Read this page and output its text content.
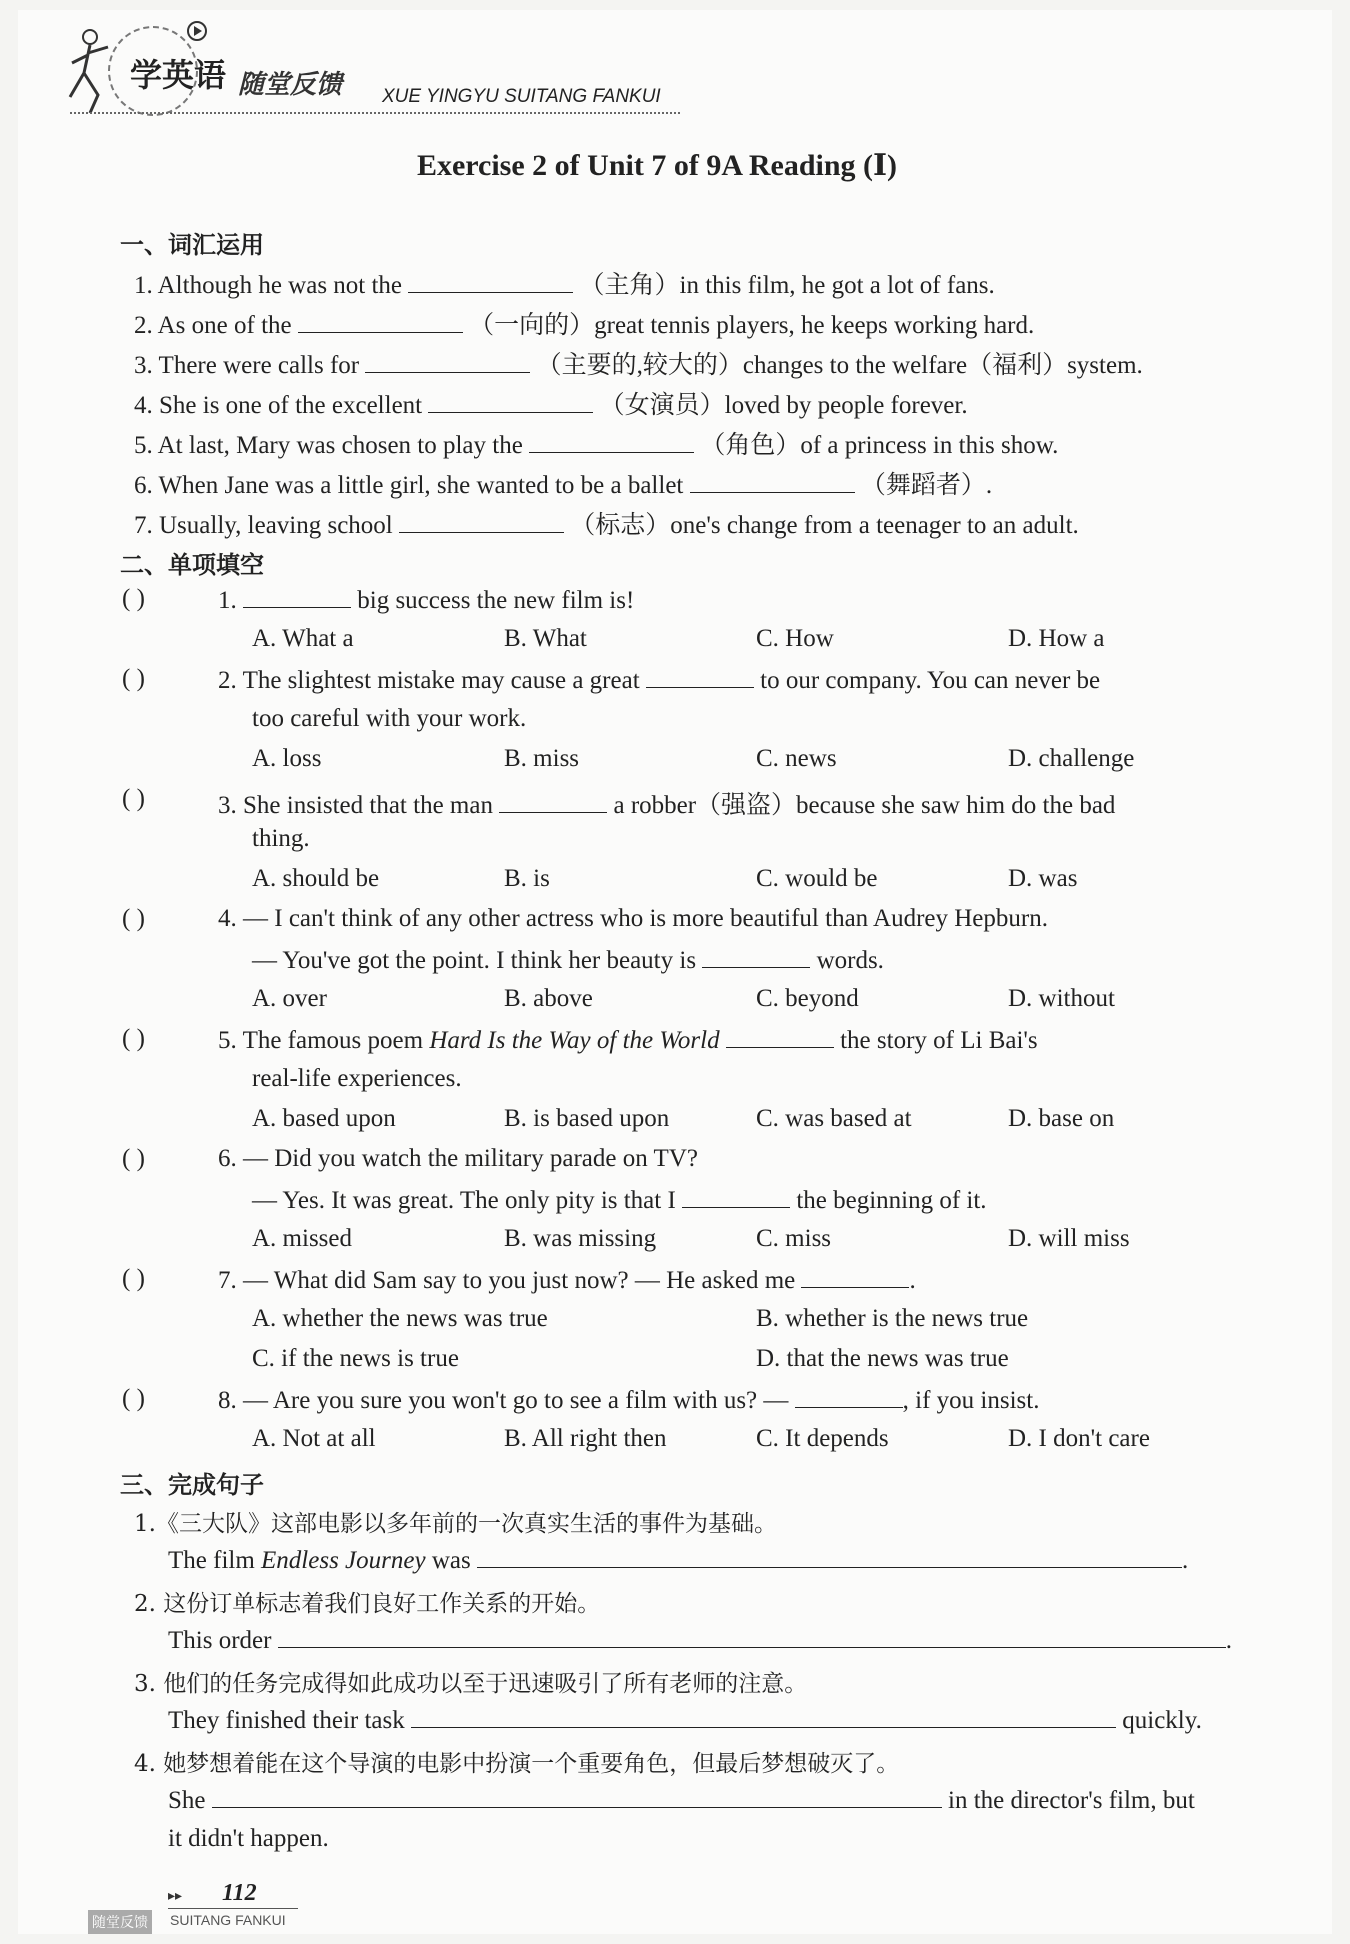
学英语 随堂反馈 XUE YINGYU SUITANG FANKUI
Exercise 2 of Unit 7 of 9A Reading (Ⅰ)
一、词汇运用
1. Although he was not the	（主角）in this film, he got a lot of fans.
2. As one of the	（一向的）great tennis players, he keeps working hard.
3. There were calls for	（主要的,较大的）changes to the welfare（福利）system.
4. She is one of the excellent	（女演员）loved by people forever.
5. At last, Mary was chosen to play the	（角色）of a princess in this show.
6. When Jane was a little girl, she wanted to be a ballet	（舞蹈者）.
7. Usually, leaving school	（标志）one's change from a teenager to an adult.
二、单项填空
( )	1.	big success the new film is!
A. What a	B. What	C. How	D. How a
( )	2. The slightest mistake may cause a great	to our company. You can never be
too careful with your work.
A. loss	B. miss	C. news	D. challenge
( )	3. She insisted that the man	a robber（强盗）because she saw him do the bad
thing.
A. should be	B. is	C. would be	D. was
( )	4. — I can't think of any other actress who is more beautiful than Audrey Hepburn.
— You've got the point. I think her beauty is	words.
A. over	B. above	C. beyond	D. without
( )	5. The famous poem Hard Is the Way of the World	the story of Li Bai's
real-life experiences.
A. based upon	B. is based upon	C. was based at	D. base on
( )	6. — Did you watch the military parade on TV?
— Yes. It was great. The only pity is that I	the beginning of it.
A. missed	B. was missing	C. miss	D. will miss
( )	7. — What did Sam say to you just now? — He asked me	.
A. whether the news was true	B. whether is the news true
C. if the news is true	D. that the news was true
( )	8. — Are you sure you won't go to see a film with us? —	, if you insist.
A. Not at all	B. All right then	C. It depends	D. I don't care
三、完成句子
1.《三大队》这部电影以多年前的一次真实生活的事件为基础。
The film Endless Journey was	.
2. 这份订单标志着我们良好工作关系的开始。
This order	.
3. 他们的任务完成得如此成功以至于迅速吸引了所有老师的注意。
They finished their task	quickly.
4. 她梦想着能在这个导演的电影中扮演一个重要角色，但最后梦想破灭了。
She	in the director's film, but
it didn't happen.
▸▸ 112
随堂反馈 SUITANG FANKUI
